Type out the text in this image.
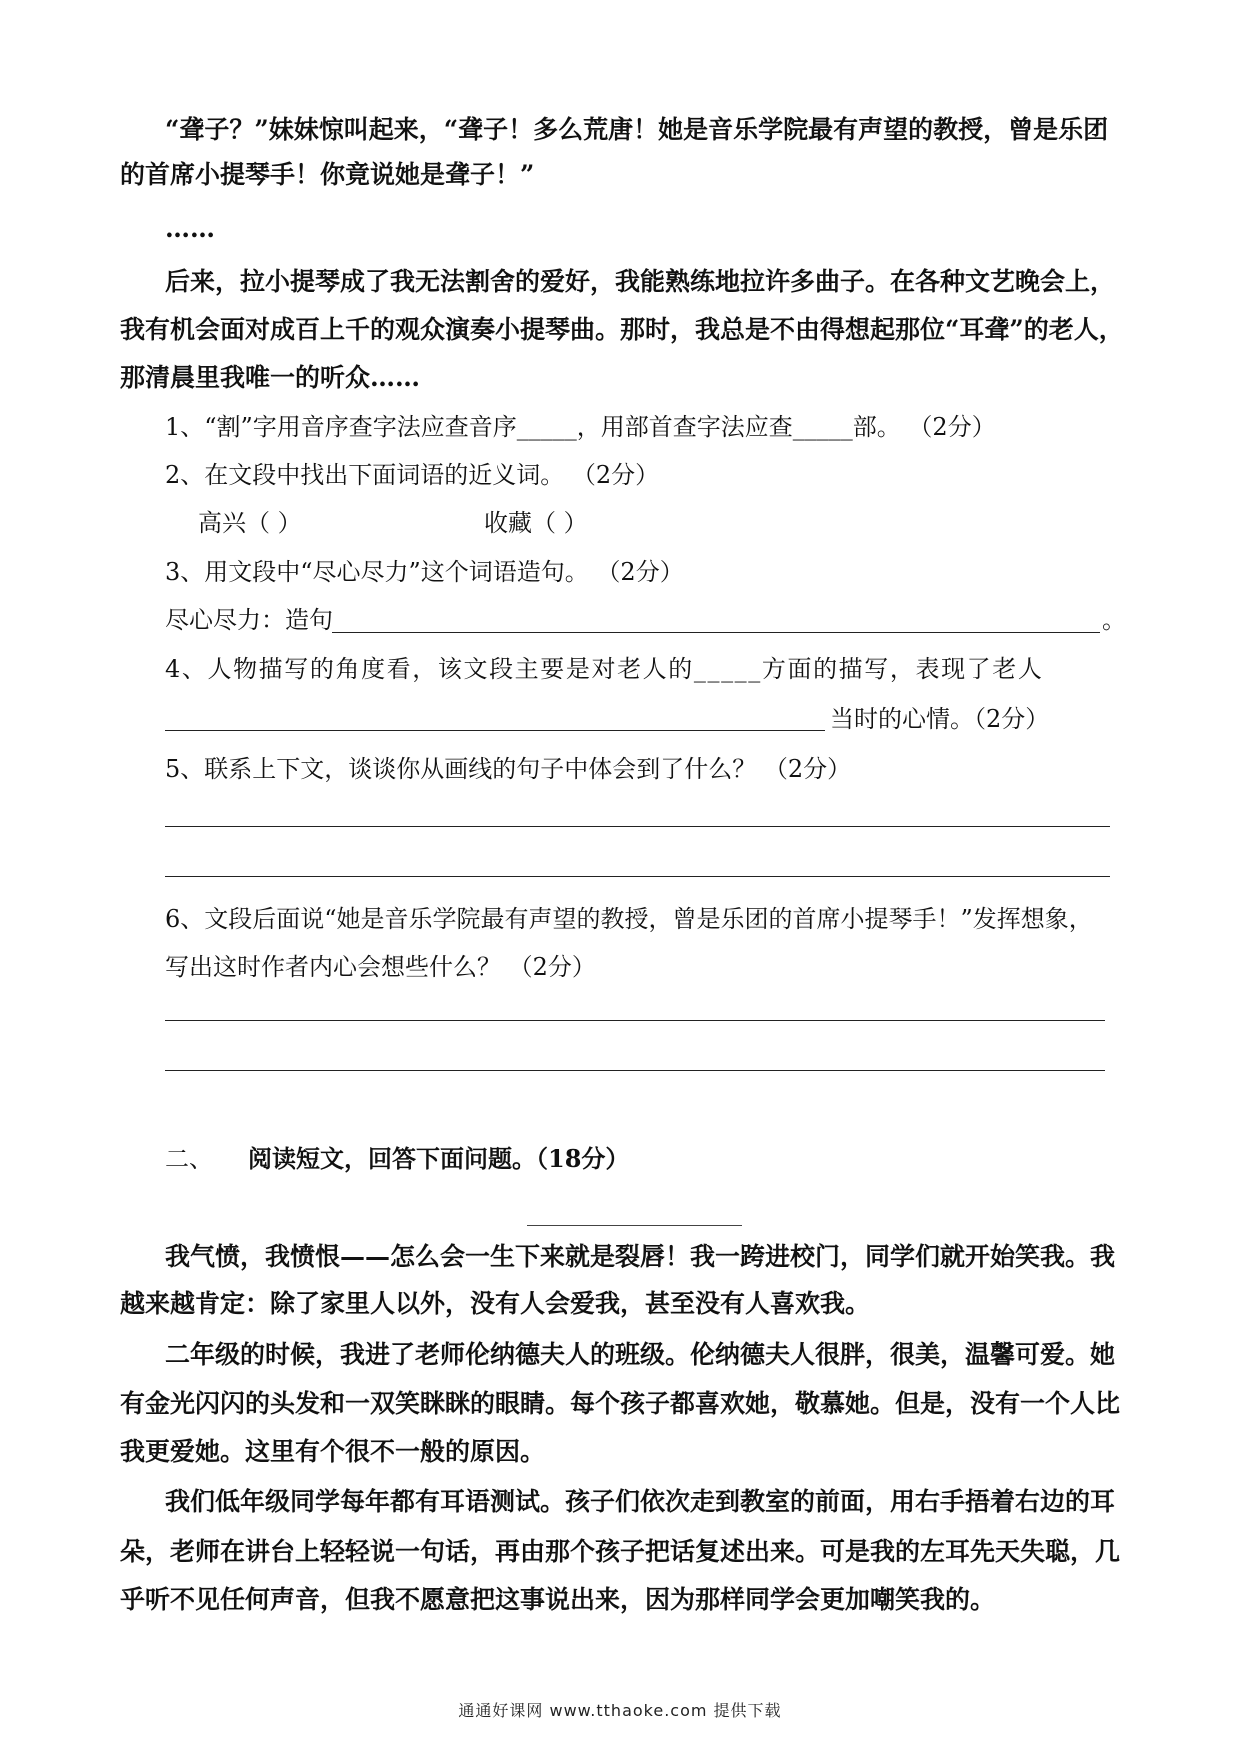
“聋子？”妹妹惊叫起来，“聋子！多么荒唐！她是音乐学院最有声望的教授，曾是乐团
的首席小提琴手！你竟说她是聋子！”
……
后来，拉小提琴成了我无法割舍的爱好，我能熟练地拉许多曲子。在各种文艺晚会上，
我有机会面对成百上千的观众演奏小提琴曲。那时，我总是不由得想起那位“耳聋”的老人，
那清晨里我唯一的听众……
1、“割”字用音序查字法应查音序_____，用部首查字法应查_____部。 （2分）
2、在文段中找出下面词语的近义词。 （2分）
高兴（ ）	收藏（ ）
3、用文段中“尽心尽力”这个词语造句。 （2分）
尽心尽力：造句	。
4、人物描写的角度看，该文段主要是对老人的_____方面的描写，表现了老人
当时的心情。（2分）
5、联系上下文，谈谈你从画线的句子中体会到了什么？ （2分）
6、文段后面说“她是音乐学院最有声望的教授，曾是乐团的首席小提琴手！”发挥想象，
写出这时作者内心会想些什么？ （2分）
二、 阅读短文，回答下面问题。（18分）
我气愤，我愤恨——怎么会一生下来就是裂唇！我一跨进校门，同学们就开始笑我。我
越来越肯定：除了家里人以外，没有人会爱我，甚至没有人喜欢我。
二年级的时候，我进了老师伦纳德夫人的班级。伦纳德夫人很胖，很美，温馨可爱。她
有金光闪闪的头发和一双笑眯眯的眼睛。每个孩子都喜欢她，敬慕她。但是，没有一个人比
我更爱她。这里有个很不一般的原因。
我们低年级同学每年都有耳语测试。孩子们依次走到教室的前面，用右手捂着右边的耳
朵，老师在讲台上轻轻说一句话，再由那个孩子把话复述出来。可是我的左耳先天失聪，几
乎听不见任何声音，但我不愿意把这事说出来，因为那样同学会更加嘲笑我的。
通通好课网 www.tthaoke.com 提供下载
